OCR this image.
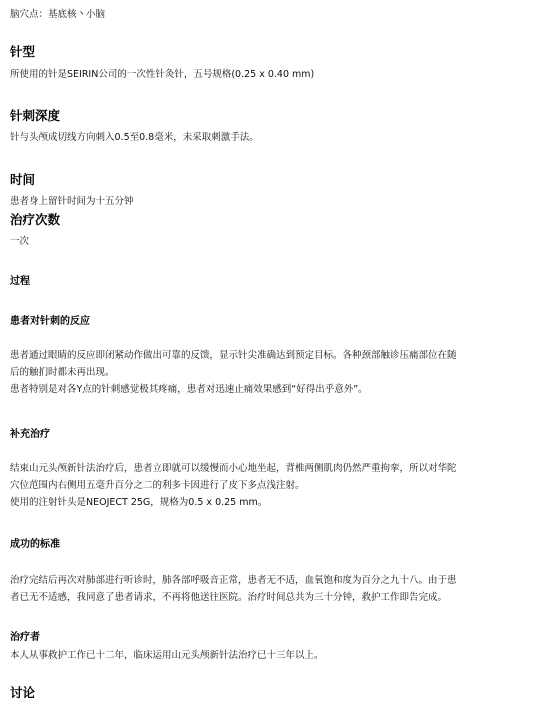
脑穴点：基底核丶小脑
针型
所使用的针是SEIRIN公司的一次性针灸针，五号规格(0.25 x 0.40 mm)
针刺深度
针与头颅成切线方向刺入0.5至0.8毫米，未采取刺激手法。
时间
患者身上留针时间为十五分钟
治疗次数
一次
过程
患者对针刺的反应
患者通过眼睛的反应即闭紧动作做出可靠的反馈，显示针尖准确达到预定目标。各种颈部触诊压痛部位在随
后的触扪时都未再出现。
患者特别是对各Y点的针刺感觉极其疼痛，患者对迅速止痛效果感到“好得出乎意外”。
补充治疗
结束山元头颅新针法治疗后，患者立即就可以缓慢而小心地坐起，背椎两侧肌肉仍然严重拘挛，所以对华陀
穴位范围内右侧用五毫升百分之二的利多卡因进行了皮下多点浅注射。
使用的注射针头是NEOJECT 25G，规格为0.5 x 0.25 mm。
成功的标准
治疗完结后再次对肺部进行听诊时，肺各部呼吸音正常，患者无不适，血氧饱和度为百分之九十八。由于患
者已无不适感，我同意了患者请求，不再将他送往医院。治疗时间总共为三十分钟，救护工作即告完成。
治疗者
本人从事救护工作已十二年，临床运用山元头颅新针法治疗已十三年以上。
讨论
